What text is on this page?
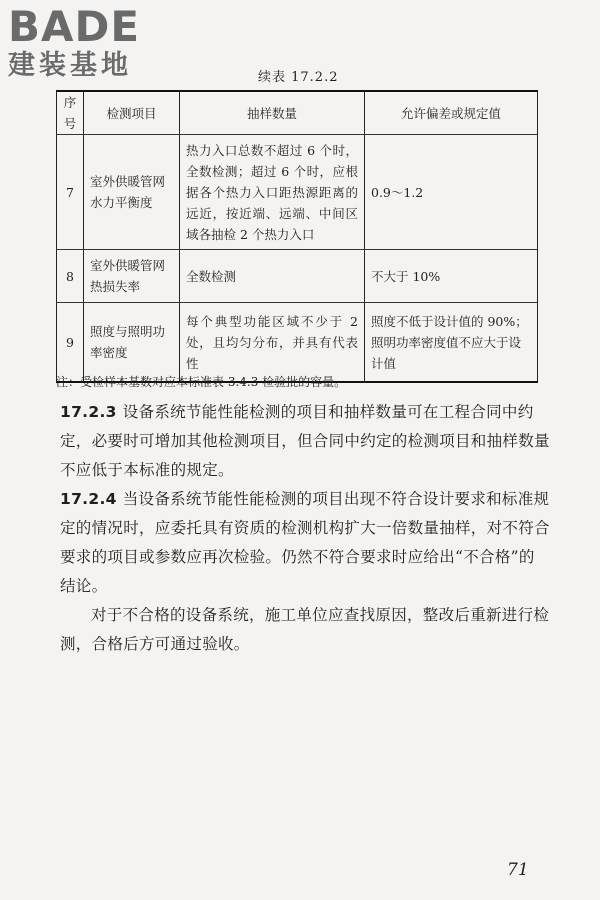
BADE
建装基地	续表 17.2.2
序号	检测项目	抽样数量	允许偏差或规定值
7	室外供暖管网水力平衡度	热力入口总数不超过 6 个时，全数检测；超过 6 个时，应根据各个热力入口距热源距离的远近，按近端、远端、中间区域各抽检 2 个热力入口	0.9～1.2
8	室外供暖管网热损失率	全数检测	不大于 10%
9	照度与照明功率密度	每个典型功能区域不少于 2 处，且均匀分布，并具有代表性	照度不低于设计值的 90%；照明功率密度值不应大于设计值
注：受检样本基数对应本标准表 3.4.3 检验批的容量。

17.2.3 设备系统节能性能检测的项目和抽样数量可在工程合同中约定，必要时可增加其他检测项目，但合同中约定的检测项目和抽样数量不应低于本标准的规定。

17.2.4 当设备系统节能性能检测的项目出现不符合设计要求和标准规定的情况时，应委托具有资质的检测机构扩大一倍数量抽样，对不符合要求的项目或参数应再次检验。仍然不符合要求时应给出“不合格”的结论。

对于不合格的设备系统，施工单位应查找原因，整改后重新进行检测，合格后方可通过验收。

71
